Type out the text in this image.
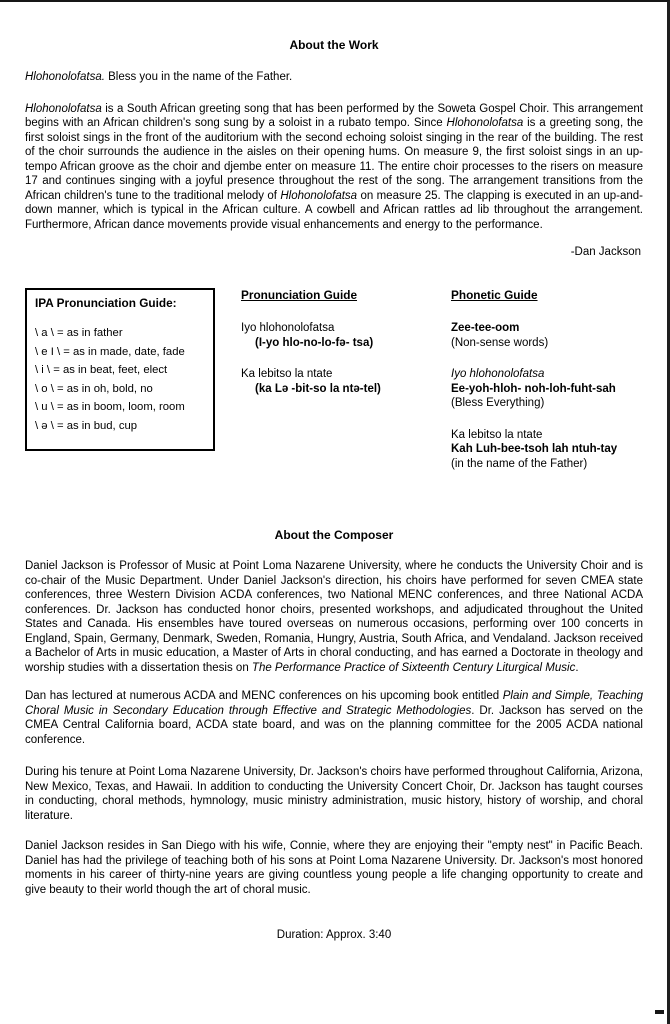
About the Work

Hlohonolofatsa. Bless you in the name of the Father.

Hlohonolofatsa is a South African greeting song that has been performed by the Soweta Gospel Choir. This arrangement begins with an African children's song sung by a soloist in a rubato tempo. Since Hlohonolofatsa is a greeting song, the first soloist sings in the front of the auditorium with the second echoing soloist singing in the rear of the building. The rest of the choir surrounds the audience in the aisles on their opening hums. On measure 9, the first soloist sings in an up-tempo African groove as the choir and djembe enter on measure 11. The entire choir processes to the risers on measure 17 and continues singing with a joyful presence throughout the rest of the song. The arrangement transitions from the African children's tune to the traditional melody of Hlohonolofatsa on measure 25. The clapping is executed in an up-and-down manner, which is typical in the African culture. A cowbell and African rattles ad lib throughout the arrangement. Furthermore, African dance movements provide visual enhancements and energy to the performance.

-Dan Jackson

IPA Pronunciation Guide:
\ a \ = as in father
\ e I \ = as in made, date, fade
\ i \ = as in beat, feet, elect
\ o \ = as in oh, bold, no
\ u \ = as in boom, loom, room
\ ə \ = as in bud, cup
Pronunciation Guide
Iyo hlohonolofatsa
(I-yo hlo-no-lo-fə- tsa)
Ka lebitso la ntate
(ka Lə -bit-so la ntə-tel)
Phonetic Guide
Zee-tee-oom
(Non-sense words)
Iyo hlohonolofatsa
Ee-yoh-hloh- noh-loh-fuht-sah
(Bless Everything)
Ka lebitso la ntate
Kah Luh-bee-tsoh lah ntuh-tay
(in the name of the Father)
About the Composer

Daniel Jackson is Professor of Music at Point Loma Nazarene University, where he conducts the University Choir and is co-chair of the Music Department. Under Daniel Jackson's direction, his choirs have performed for seven CMEA state conferences, three Western Division ACDA conferences, two National MENC conferences, and three National ACDA conferences. Dr. Jackson has conducted honor choirs, presented workshops, and adjudicated throughout the United States and Canada. His ensembles have toured overseas on numerous occasions, performing over 100 concerts in England, Spain, Germany, Denmark, Sweden, Romania, Hungry, Austria, South Africa, and Vendaland. Jackson received a Bachelor of Arts in music education, a Master of Arts in choral conducting, and has earned a Doctorate in theology and worship studies with a dissertation thesis on The Performance Practice of Sixteenth Century Liturgical Music.

Dan has lectured at numerous ACDA and MENC conferences on his upcoming book entitled Plain and Simple, Teaching Choral Music in Secondary Education through Effective and Strategic Methodologies. Dr. Jackson has served on the CMEA Central California board, ACDA state board, and was on the planning committee for the 2005 ACDA national conference.

During his tenure at Point Loma Nazarene University, Dr. Jackson's choirs have performed throughout California, Arizona, New Mexico, Texas, and Hawaii. In addition to conducting the University Concert Choir, Dr. Jackson has taught courses in conducting, choral methods, hymnology, music ministry administration, music history, history of worship, and choral literature.

Daniel Jackson resides in San Diego with his wife, Connie, where they are enjoying their "empty nest" in Pacific Beach. Daniel has had the privilege of teaching both of his sons at Point Loma Nazarene University. Dr. Jackson's most honored moments in his career of thirty-nine years are giving countless young people a life changing opportunity to create and give beauty to their world though the art of choral music.

Duration: Approx. 3:40
